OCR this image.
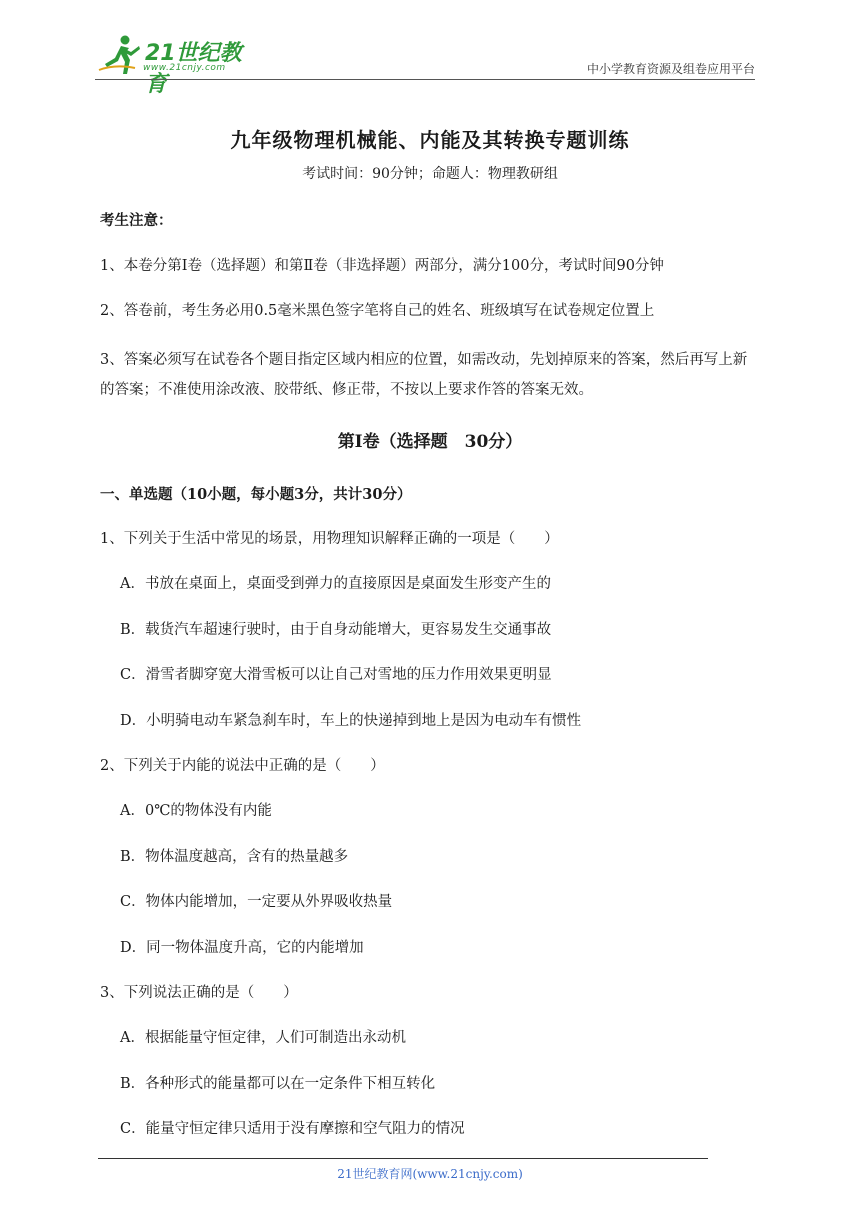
21世纪教育
www.21cnjy.com	中小学教育资源及组卷应用平台
九年级物理机械能、内能及其转换专题训练
考试时间：90分钟；命题人：物理教研组
考生注意：
1、本卷分第I卷（选择题）和第Ⅱ卷（非选择题）两部分，满分100分，考试时间90分钟
2、答卷前，考生务必用0.5毫米黑色签字笔将自己的姓名、班级填写在试卷规定位置上
3、答案必须写在试卷各个题目指定区域内相应的位置，如需改动，先划掉原来的答案，然后再写上新的答案；不准使用涂改液、胶带纸、修正带，不按以上要求作答的答案无效。
第I卷（选择题　30分）
一、单选题（10小题，每小题3分，共计30分）
1、下列关于生活中常见的场景，用物理知识解释正确的一项是（　　）
A．书放在桌面上，桌面受到弹力的直接原因是桌面发生形变产生的
B．载货汽车超速行驶时，由于自身动能增大，更容易发生交通事故
C．滑雪者脚穿宽大滑雪板可以让自己对雪地的压力作用效果更明显
D．小明骑电动车紧急刹车时，车上的快递掉到地上是因为电动车有惯性
2、下列关于内能的说法中正确的是（　　）
A．0℃的物体没有内能
B．物体温度越高，含有的热量越多
C．物体内能增加，一定要从外界吸收热量
D．同一物体温度升高，它的内能增加
3、下列说法正确的是（　　）
A．根据能量守恒定律，人们可制造出永动机
B．各种形式的能量都可以在一定条件下相互转化
C．能量守恒定律只适用于没有摩擦和空气阻力的情况
21世纪教育网(www.21cnjy.com)
